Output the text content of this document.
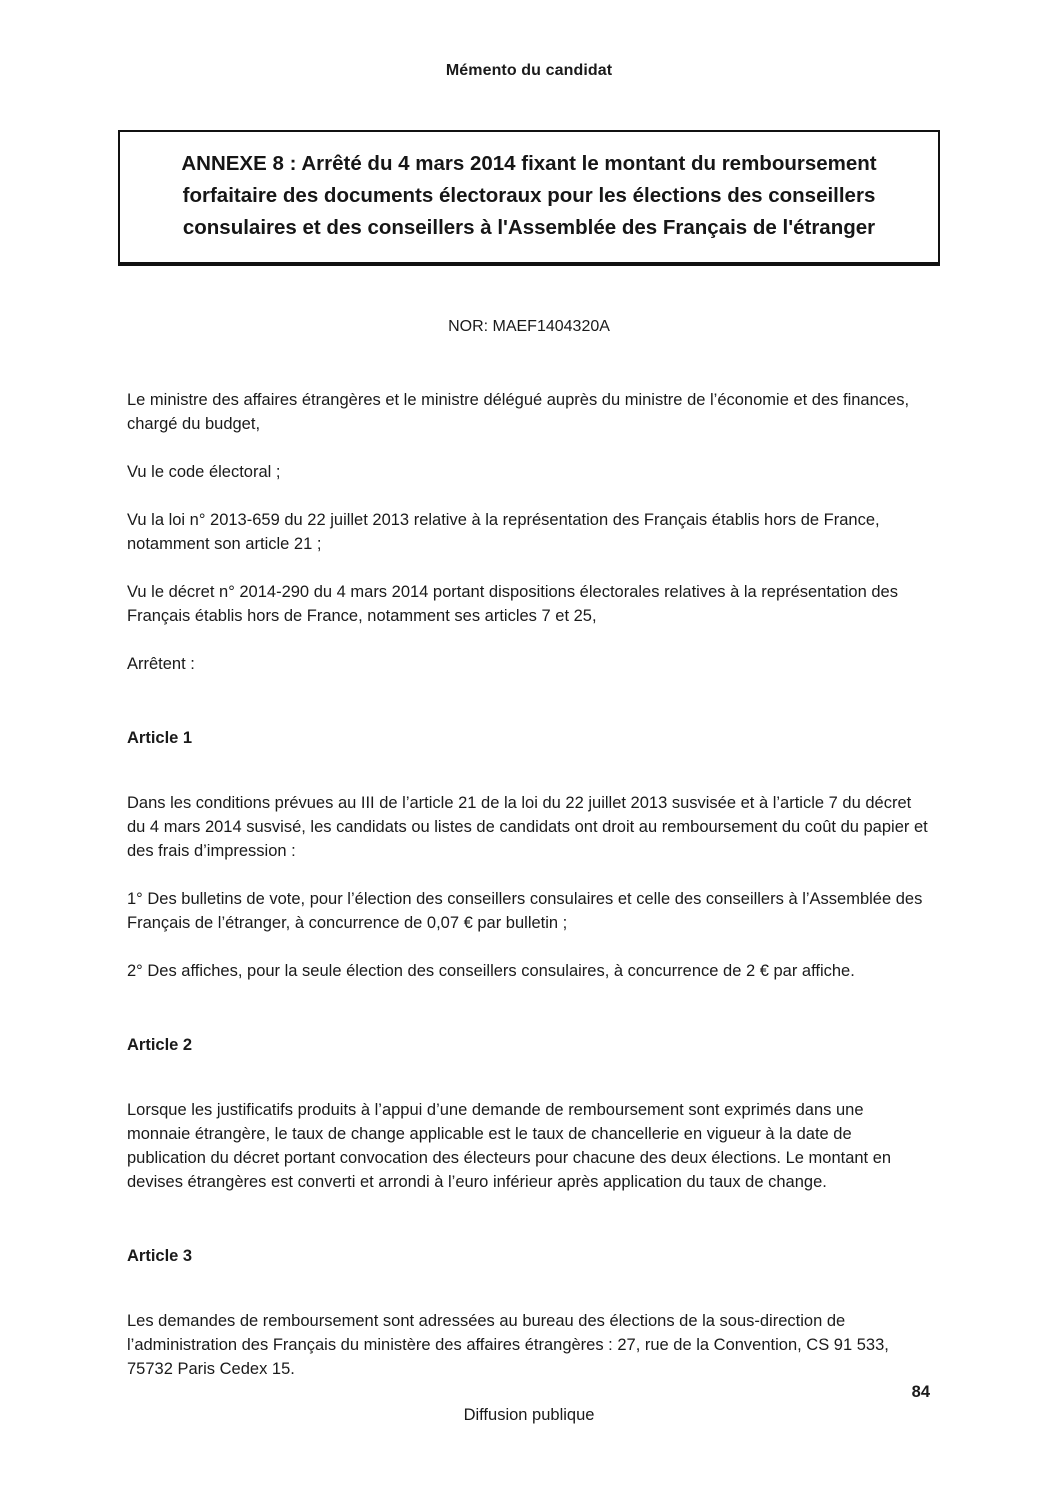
Mémento du candidat
ANNEXE 8 : Arrêté du 4 mars 2014 fixant le montant du remboursement forfaitaire des documents électoraux pour les élections des conseillers consulaires et des conseillers à l'Assemblée des Français de l'étranger
NOR: MAEF1404320A
Le ministre des affaires étrangères et le ministre délégué auprès du ministre de l’économie et des finances, chargé du budget,
Vu le code électoral ;
Vu la loi n° 2013-659 du 22 juillet 2013 relative à la représentation des Français établis hors de France, notamment son article 21 ;
Vu le décret n° 2014-290 du 4 mars 2014 portant dispositions électorales relatives à la représentation des Français établis hors de France, notamment ses articles 7 et 25,
Arrêtent :
Article 1
Dans les conditions prévues au III de l’article 21 de la loi du 22 juillet 2013 susvisée et à l’article 7 du décret du 4 mars 2014 susvisé, les candidats ou listes de candidats ont droit au remboursement du coût du papier et des frais d’impression :
1° Des bulletins de vote, pour l’élection des conseillers consulaires et celle des conseillers à l’Assemblée des Français de l’étranger, à concurrence de 0,07 € par bulletin ;
2° Des affiches, pour la seule élection des conseillers consulaires, à concurrence de 2 € par affiche.
Article 2
Lorsque les justificatifs produits à l’appui d’une demande de remboursement sont exprimés dans une monnaie étrangère, le taux de change applicable est le taux de chancellerie en vigueur à la date de publication du décret portant convocation des électeurs pour chacune des deux élections. Le montant en devises étrangères est converti et arrondi à l’euro inférieur après application du taux de change.
Article 3
Les demandes de remboursement sont adressées au bureau des élections de la sous-direction de l’administration des Français du ministère des affaires étrangères : 27, rue de la Convention, CS 91 533, 75732 Paris Cedex 15.
84
Diffusion publique
